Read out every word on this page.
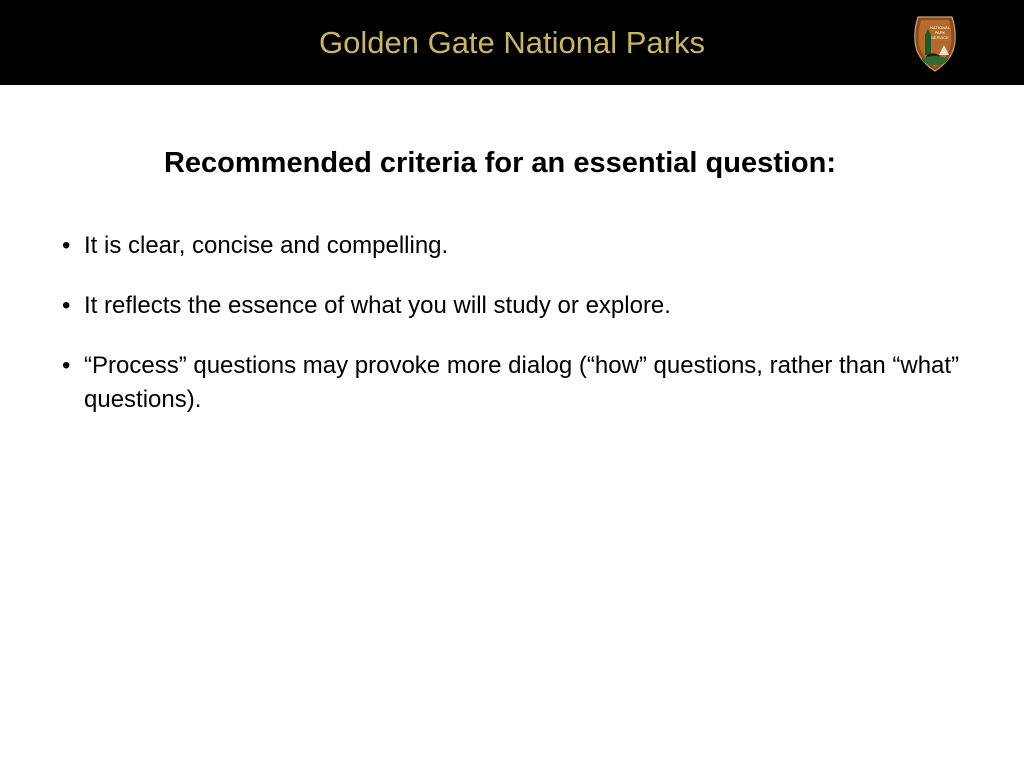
Golden Gate National Parks	NATIONAL
PARK
SERVICE
Recommended criteria for an essential question:
• It is clear, concise and compelling.
• It reflects the essence of what you will study or explore.
• “Process” questions may provoke more dialog (“how” questions, rather than “what” questions).
